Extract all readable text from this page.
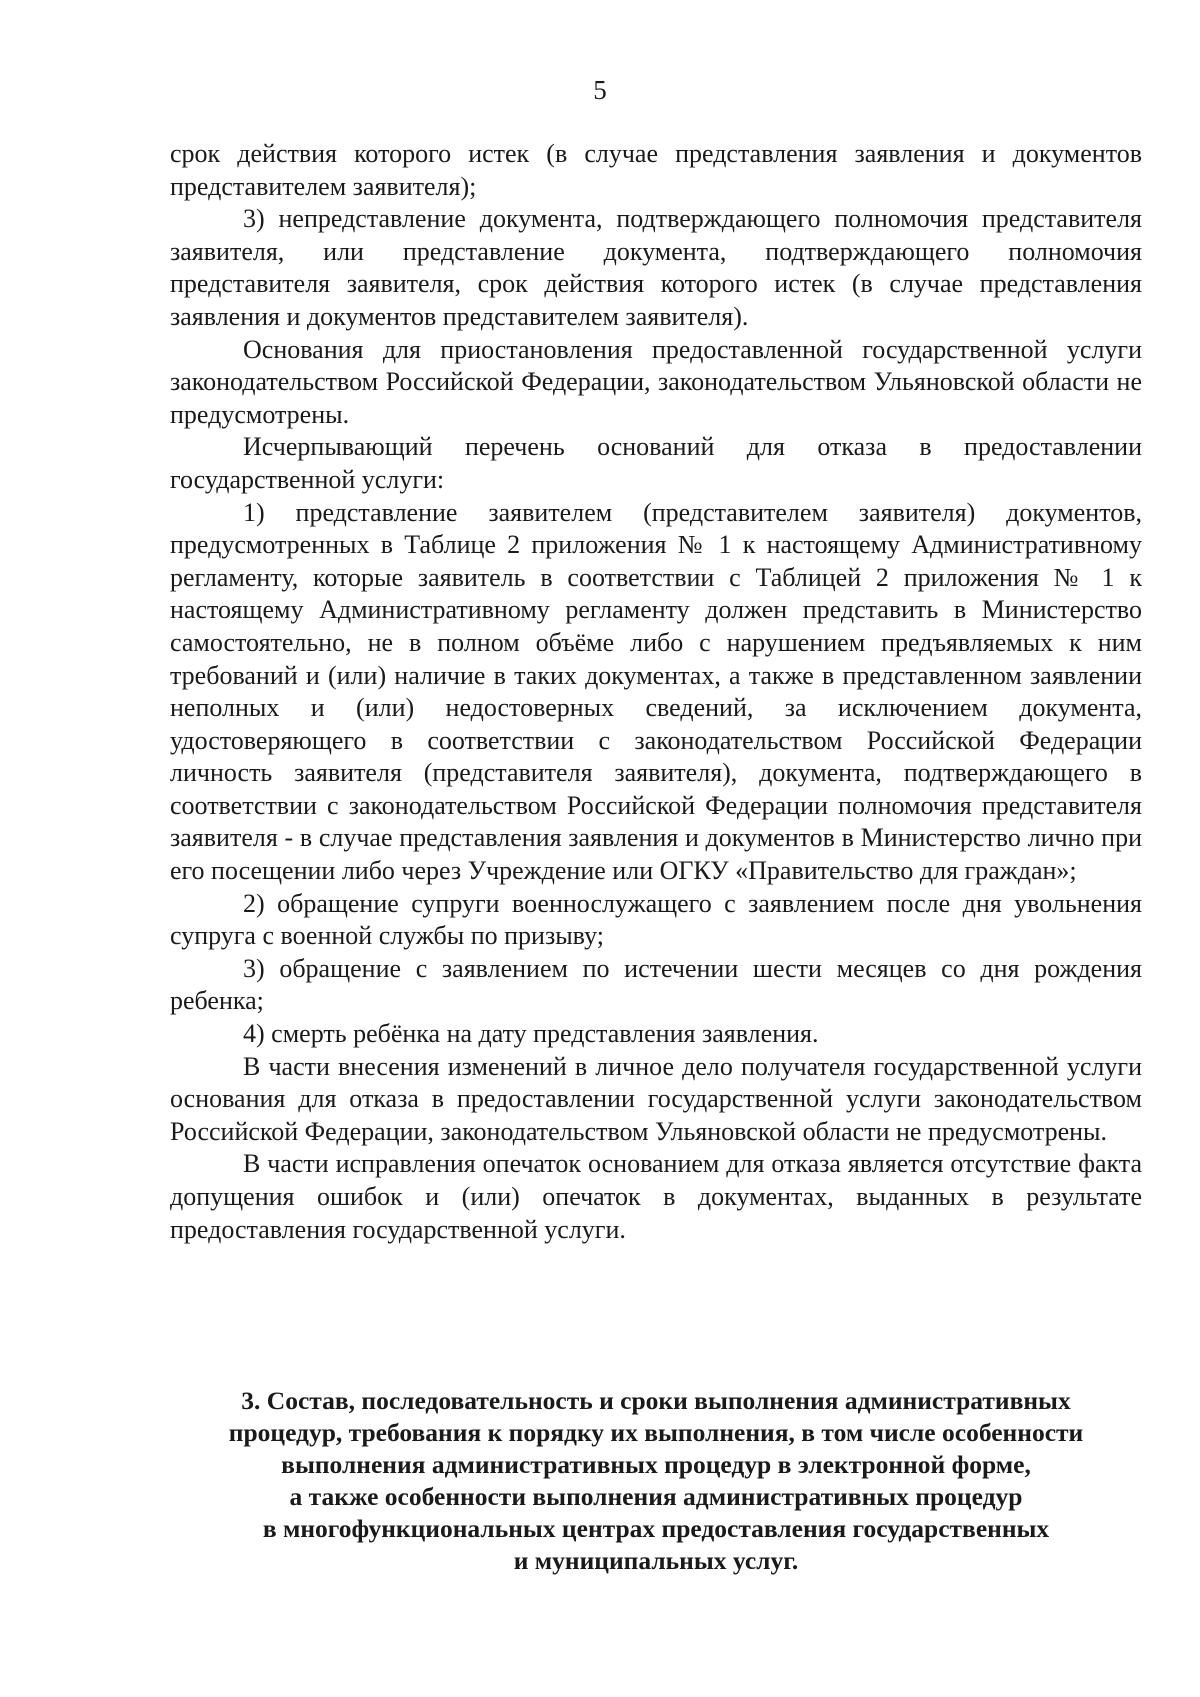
5

срок действия которого истек (в случае представления заявления и документов представителем заявителя);

3) непредставление документа, подтверждающего полномочия представителя заявителя, или представление документа, подтверждающего полномочия представителя заявителя, срок действия которого истек (в случае представления заявления и документов представителем заявителя).

Основания для приостановления предоставленной государственной услуги законодательством Российской Федерации, законодательством Ульяновской области не предусмотрены.

Исчерпывающий перечень оснований для отказа в предоставлении государственной услуги:

1) представление заявителем (представителем заявителя) документов, предусмотренных в Таблице 2 приложения № 1 к настоящему Административному регламенту, которые заявитель в соответствии с Таблицей 2 приложения № 1 к настоящему Административному регламенту должен представить в Министерство самостоятельно, не в полном объёме либо с нарушением предъявляемых к ним требований и (или) наличие в таких документах, а также в представленном заявлении неполных и (или) недостоверных сведений, за исключением документа, удостоверяющего в соответствии с законодательством Российской Федерации личность заявителя (представителя заявителя), документа, подтверждающего в соответствии с законодательством Российской Федерации полномочия представителя заявителя - в случае представления заявления и документов в Министерство лично при его посещении либо через Учреждение или ОГКУ «Правительство для граждан»;

2) обращение супруги военнослужащего с заявлением после дня увольнения супруга с военной службы по призыву;

3) обращение с заявлением по истечении шести месяцев со дня рождения ребенка;

4) смерть ребёнка на дату представления заявления.

В части внесения изменений в личное дело получателя государственной услуги основания для отказа в предоставлении государственной услуги законодательством Российской Федерации, законодательством Ульяновской области не предусмотрены.

В части исправления опечаток основанием для отказа является отсутствие факта допущения ошибок и (или) опечаток в документах, выданных в результате предоставления государственной услуги.

3. Состав, последовательность и сроки выполнения административных
процедур, требования к порядку их выполнения, в том числе особенности
выполнения административных процедур в электронной форме,
а также особенности выполнения административных процедур
в многофункциональных центрах предоставления государственных
и муниципальных услуг.
